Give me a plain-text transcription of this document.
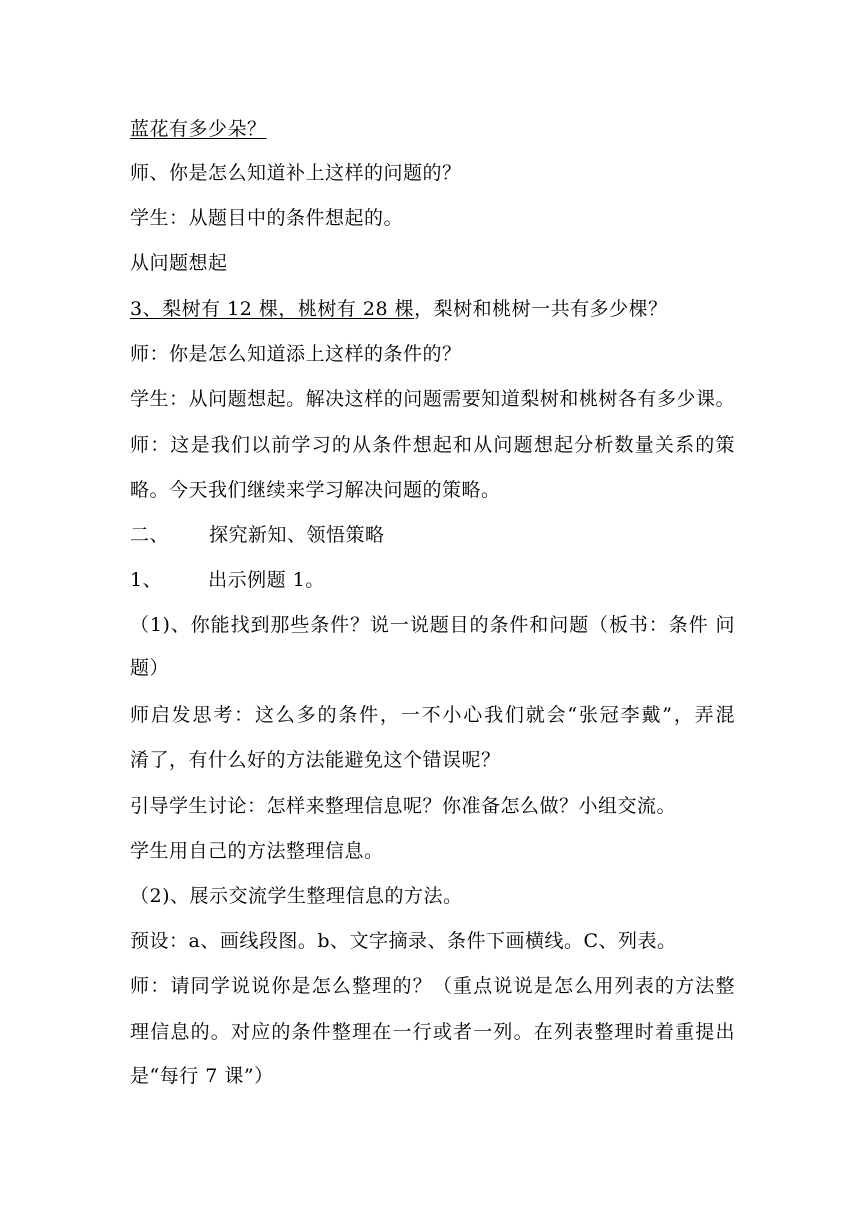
蓝花有多少朵？
师、你是怎么知道补上这样的问题的？
学生：从题目中的条件想起的。
从问题想起
3、梨树有 12 棵，桃树有 28 棵，梨树和桃树一共有多少棵？
师：你是怎么知道添上这样的条件的？
学生：从问题想起。解决这样的问题需要知道梨树和桃树各有多少课。
师：这是我们以前学习的从条件想起和从问题想起分析数量关系的策
略。今天我们继续来学习解决问题的策略。
二、 探究新知、领悟策略
1、 出示例题 1。
（1)、你能找到那些条件？说一说题目的条件和问题（板书：条件 问
题）
师启发思考：这么多的条件，一不小心我们就会“张冠李戴”，弄混
淆了，有什么好的方法能避免这个错误呢？
引导学生讨论：怎样来整理信息呢？你准备怎么做？小组交流。
学生用自己的方法整理信息。
（2)、展示交流学生整理信息的方法。
预设：a、画线段图。b、文字摘录、条件下画横线。C、列表。
师：请同学说说你是怎么整理的？（重点说说是怎么用列表的方法整
理信息的。对应的条件整理在一行或者一列。在列表整理时着重提出
是“每行 7 课”）
